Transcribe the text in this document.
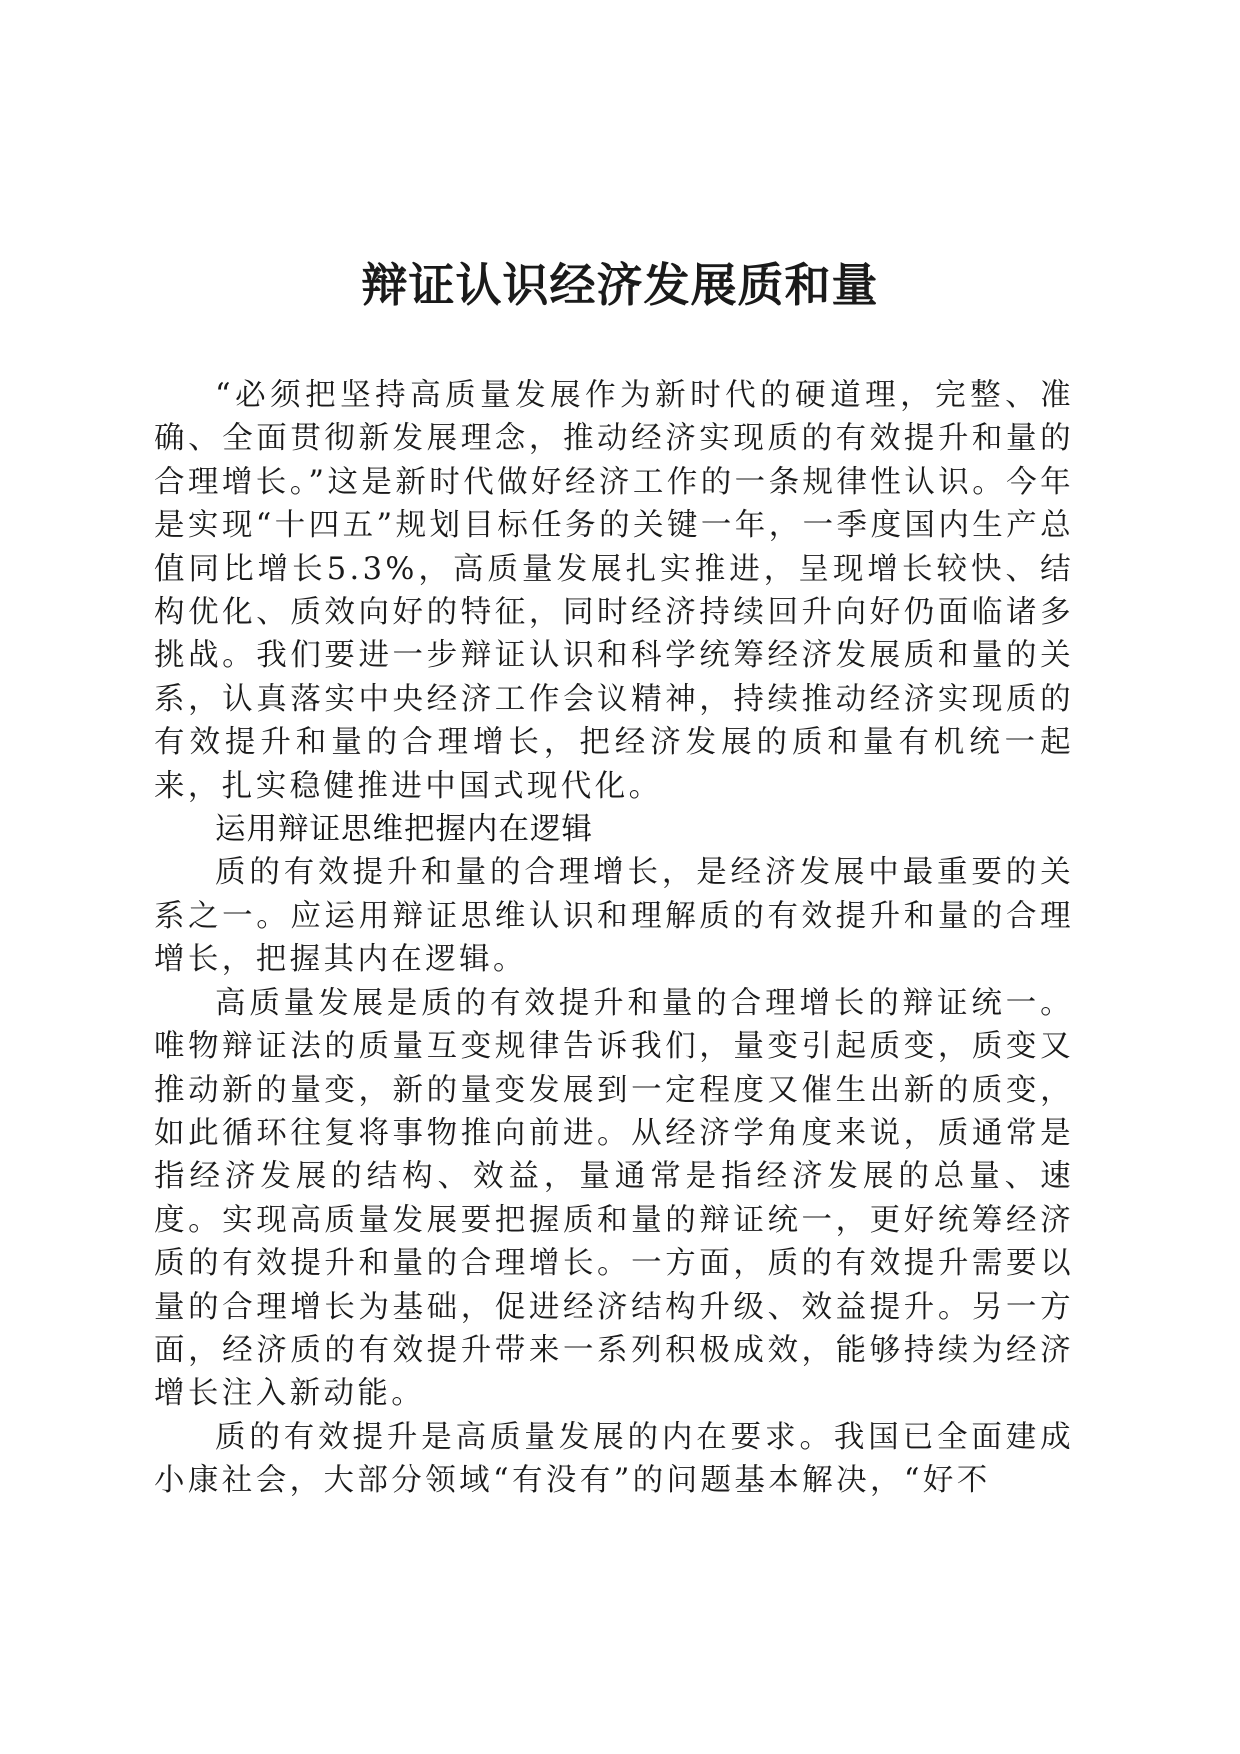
辩证认识经济发展质和量

“必须把坚持高质量发展作为新时代的硬道理，完整、准确、全面贯彻新发展理念，推动经济实现质的有效提升和量的合理增长。”这是新时代做好经济工作的一条规律性认识。今年是实现“十四五”规划目标任务的关键一年，一季度国内生产总值同比增长5.3%，高质量发展扎实推进，呈现增长较快、结构优化、质效向好的特征，同时经济持续回升向好仍面临诸多挑战。我们要进一步辩证认识和科学统筹经济发展质和量的关系，认真落实中央经济工作会议精神，持续推动经济实现质的有效提升和量的合理增长，把经济发展的质和量有机统一起来，扎实稳健推进中国式现代化。

运用辩证思维把握内在逻辑

质的有效提升和量的合理增长，是经济发展中最重要的关系之一。应运用辩证思维认识和理解质的有效提升和量的合理增长，把握其内在逻辑。

高质量发展是质的有效提升和量的合理增长的辩证统一。唯物辩证法的质量互变规律告诉我们，量变引起质变，质变又推动新的量变，新的量变发展到一定程度又催生出新的质变，如此循环往复将事物推向前进。从经济学角度来说，质通常是指经济发展的结构、效益，量通常是指经济发展的总量、速度。实现高质量发展要把握质和量的辩证统一，更好统筹经济质的有效提升和量的合理增长。一方面，质的有效提升需要以量的合理增长为基础，促进经济结构升级、效益提升。另一方面，经济质的有效提升带来一系列积极成效，能够持续为经济增长注入新动能。

质的有效提升是高质量发展的内在要求。我国已全面建成小康社会，大部分领域“有没有”的问题基本解决，“好不
